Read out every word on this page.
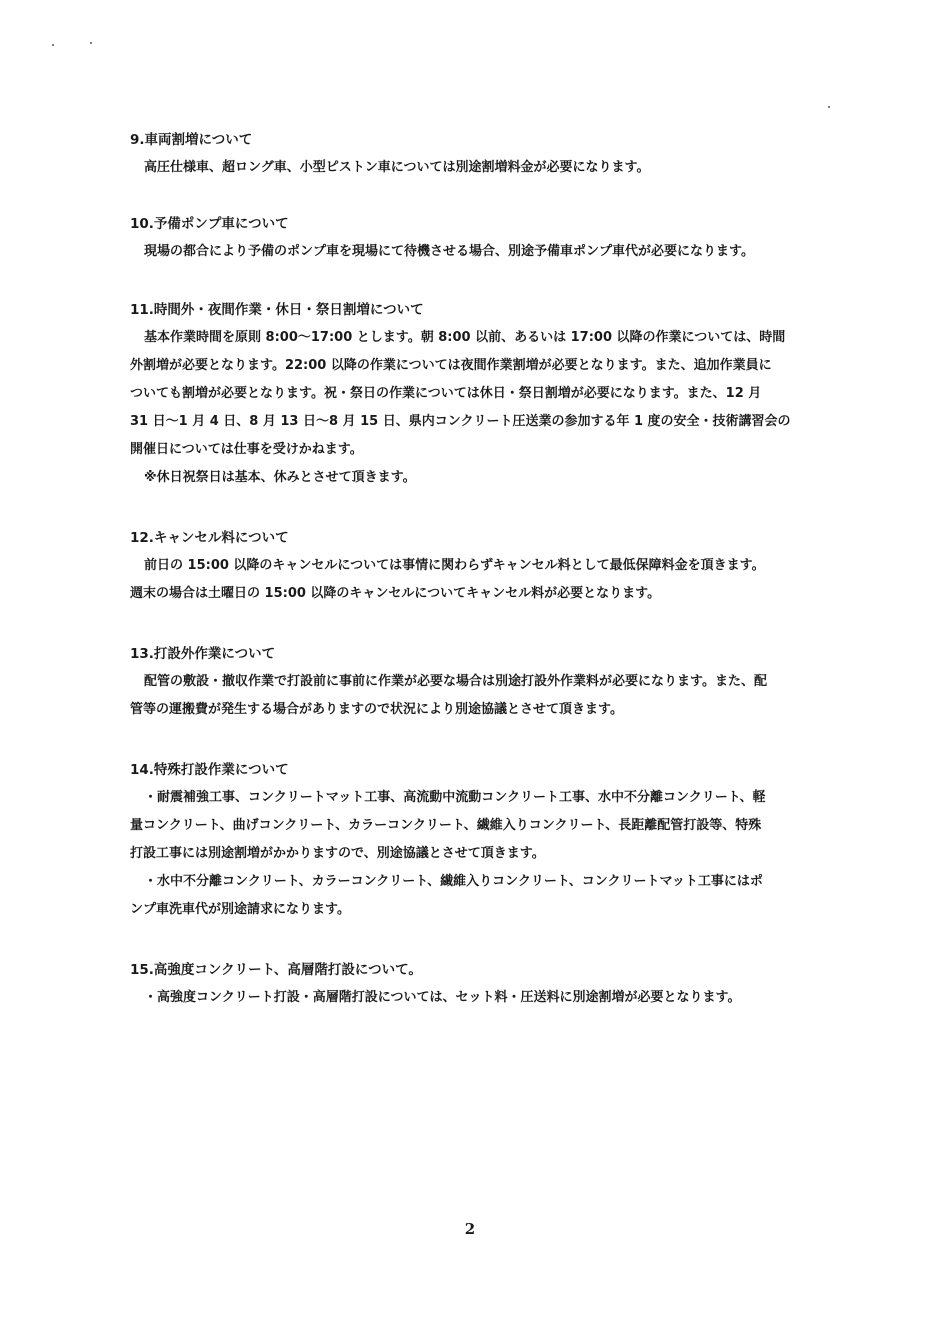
9.車両割増について

高圧仕様車、超ロング車、小型ピストン車については別途割増料金が必要になります。

10.予備ポンプ車について

現場の都合により予備のポンプ車を現場にて待機させる場合、別途予備車ポンプ車代が必要になります。

11.時間外・夜間作業・休日・祭日割増について

基本作業時間を原則 8:00～17:00 とします。朝 8:00 以前、あるいは 17:00 以降の作業については、時間
外割増が必要となります。22:00 以降の作業については夜間作業割増が必要となります。また、追加作業員に
ついても割増が必要となります。祝・祭日の作業については休日・祭日割増が必要になります。また、12 月
31 日～1 月 4 日、8 月 13 日～8 月 15 日、県内コンクリート圧送業の参加する年 1 度の安全・技術講習会の
開催日については仕事を受けかねます。
※休日祝祭日は基本、休みとさせて頂きます。

12.キャンセル料について

前日の 15:00 以降のキャンセルについては事情に関わらずキャンセル料として最低保障料金を頂きます。
週末の場合は土曜日の 15:00 以降のキャンセルについてキャンセル料が必要となります。

13.打設外作業について

配管の敷設・撤収作業で打設前に事前に作業が必要な場合は別途打設外作業料が必要になります。また、配
管等の運搬費が発生する場合がありますので状況により別途協議とさせて頂きます。

14.特殊打設作業について

・耐震補強工事、コンクリートマット工事、高流動中流動コンクリート工事、水中不分離コンクリート、軽
量コンクリート、曲げコンクリート、カラーコンクリート、繊維入りコンクリート、長距離配管打設等、特殊
打設工事には別途割増がかかりますので、別途協議とさせて頂きます。
・水中不分離コンクリート、カラーコンクリート、繊維入りコンクリート、コンクリートマット工事にはポ
ンプ車洗車代が別途請求になります。

15.高強度コンクリート、高層階打設について。

・高強度コンクリート打設・高層階打設については、セット料・圧送料に別途割増が必要となります。

2
